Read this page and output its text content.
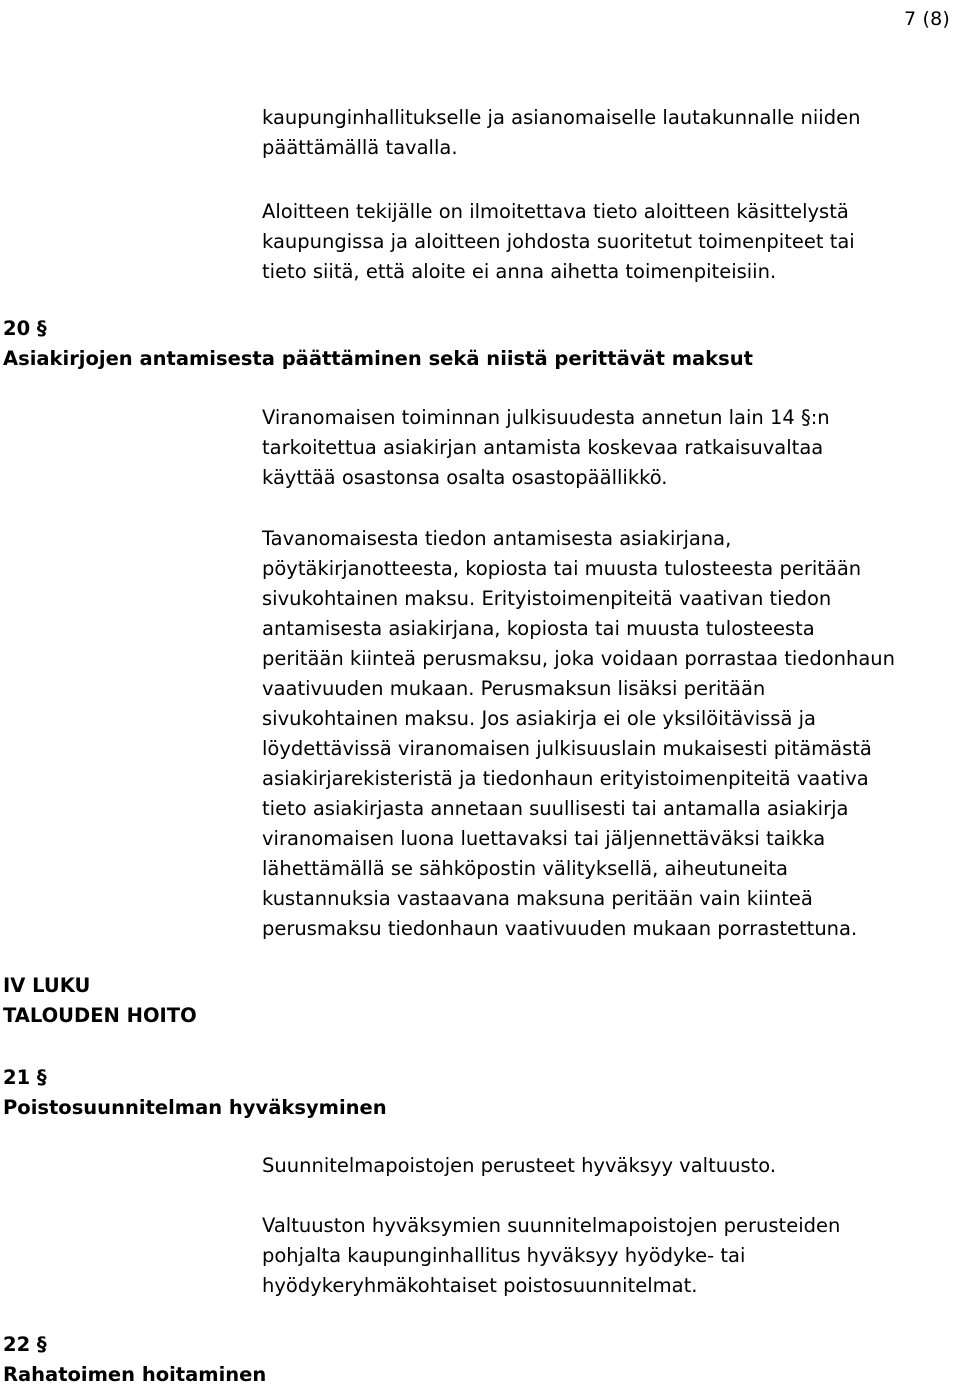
7 (8)

kaupunginhallitukselle ja asianomaiselle lautakunnalle niiden
päättämällä tavalla.

Aloitteen tekijälle on ilmoitettava tieto aloitteen käsittelystä
kaupungissa ja aloitteen johdosta suoritetut toimenpiteet tai
tieto siitä, että aloite ei anna aihetta toimenpiteisiin.

20 §
Asiakirjojen antamisesta päättäminen sekä niistä perittävät maksut

Viranomaisen toiminnan julkisuudesta annetun lain 14 §:n
tarkoitettua asiakirjan antamista koskevaa ratkaisuvaltaa
käyttää osastonsa osalta osastopäällikkö.

Tavanomaisesta tiedon antamisesta asiakirjana,
pöytäkirjanotteesta, kopiosta tai muusta tulosteesta peritään
sivukohtainen maksu. Erityistoimenpiteitä vaativan tiedon
antamisesta asiakirjana, kopiosta tai muusta tulosteesta
peritään kiinteä perusmaksu, joka voidaan porrastaa tiedonhaun
vaativuuden mukaan. Perusmaksun lisäksi peritään
sivukohtainen maksu. Jos asiakirja ei ole yksilöitävissä ja
löydettävissä viranomaisen julkisuuslain mukaisesti pitämästä
asiakirjarekisteristä ja tiedonhaun erityistoimenpiteitä vaativa
tieto asiakirjasta annetaan suullisesti tai antamalla asiakirja
viranomaisen luona luettavaksi tai jäljennettäväksi taikka
lähettämällä se sähköpostin välityksellä, aiheutuneita
kustannuksia vastaavana maksuna peritään vain kiinteä
perusmaksu tiedonhaun vaativuuden mukaan porrastettuna.

IV LUKU
TALOUDEN HOITO
21 §
Poistosuunnitelman hyväksyminen

Suunnitelmapoistojen perusteet hyväksyy valtuusto.

Valtuuston hyväksymien suunnitelmapoistojen perusteiden
pohjalta kaupunginhallitus hyväksyy hyödyke- tai
hyödykeryhmäkohtaiset poistosuunnitelmat.

22 §
Rahatoimen hoitaminen
